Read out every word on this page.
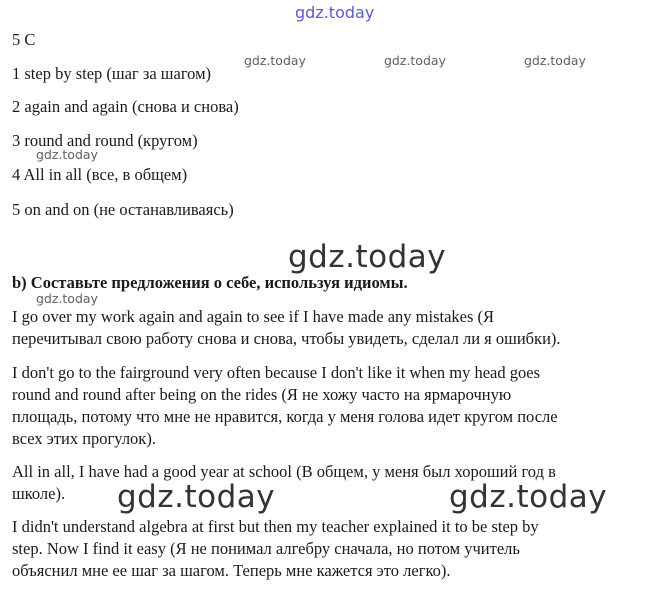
gdz.today
gdz.today	gdz.today	gdz.today
gdz.today
gdz.today
gdz.today
gdz.today	gdz.today
5 C
1 step by step (шаг за шагом)
2 again and again (снова и снова)
3 round and round (кругом)
4 All in all (все, в общем)
5 on and on (не останавливаясь)
b) Составьте предложения о себе, используя идиомы.
I go over my work again and again to see if I have made any mistakes (Я
перечитывал свою работу снова и снова, чтобы увидеть, сделал ли я ошибки).
I don't go to the fairground very often because I don't like it when my head goes
round and round after being on the rides (Я не хожу часто на ярмарочную
площадь, потому что мне не нравится, когда у меня голова идет кругом после
всех этих прогулок).
All in all, I have had a good year at school (В общем, у меня был хороший год в
школе).
I didn't understand algebra at first but then my teacher explained it to be step by
step. Now I find it easy (Я не понимал алгебру сначала, но потом учитель
объяснил мне ее шаг за шагом. Теперь мне кажется это легко).
